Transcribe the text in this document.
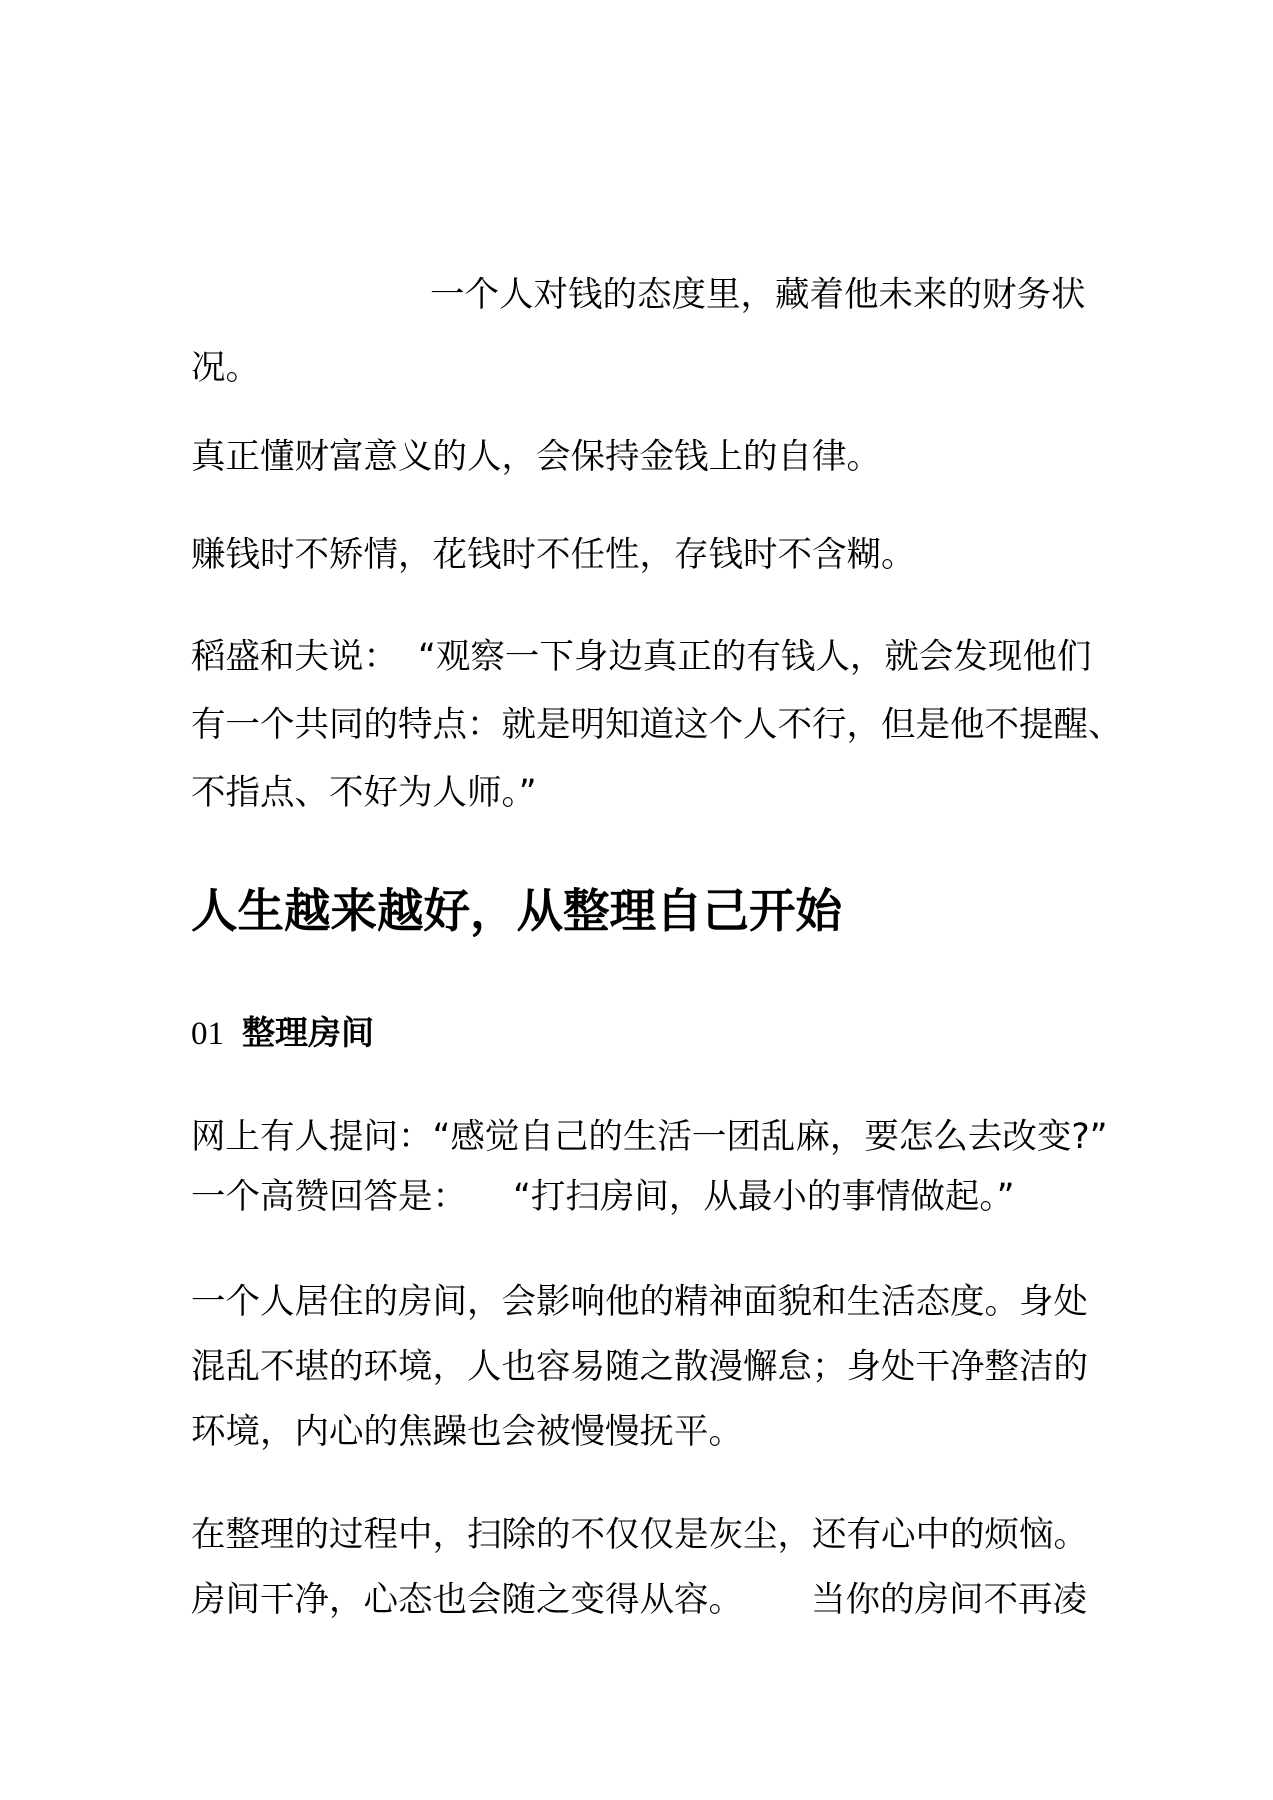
一个人对钱的态度里，藏着他未来的财务状
况。
真正懂财富意义的人，会保持金钱上的自律。
赚钱时不矫情，花钱时不任性，存钱时不含糊。
稻盛和夫说： “观察一下身边真正的有钱人，就会发现他们
有一个共同的特点：就是明知道这个人不行，但是他不提醒、
不指点、不好为人师。”
人生越来越好，从整理自己开始
01 整理房间
网上有人提问：“感觉自己的生活一团乱麻，要怎么去改变?”
一个高赞回答是： “打扫房间，从最小的事情做起。”
一个人居住的房间，会影响他的精神面貌和生活态度。身处
混乱不堪的环境，人也容易随之散漫懈怠；身处干净整洁的
环境，内心的焦躁也会被慢慢抚平。
在整理的过程中，扫除的不仅仅是灰尘，还有心中的烦恼。
房间干净，心态也会随之变得从容。 当你的房间不再凌
